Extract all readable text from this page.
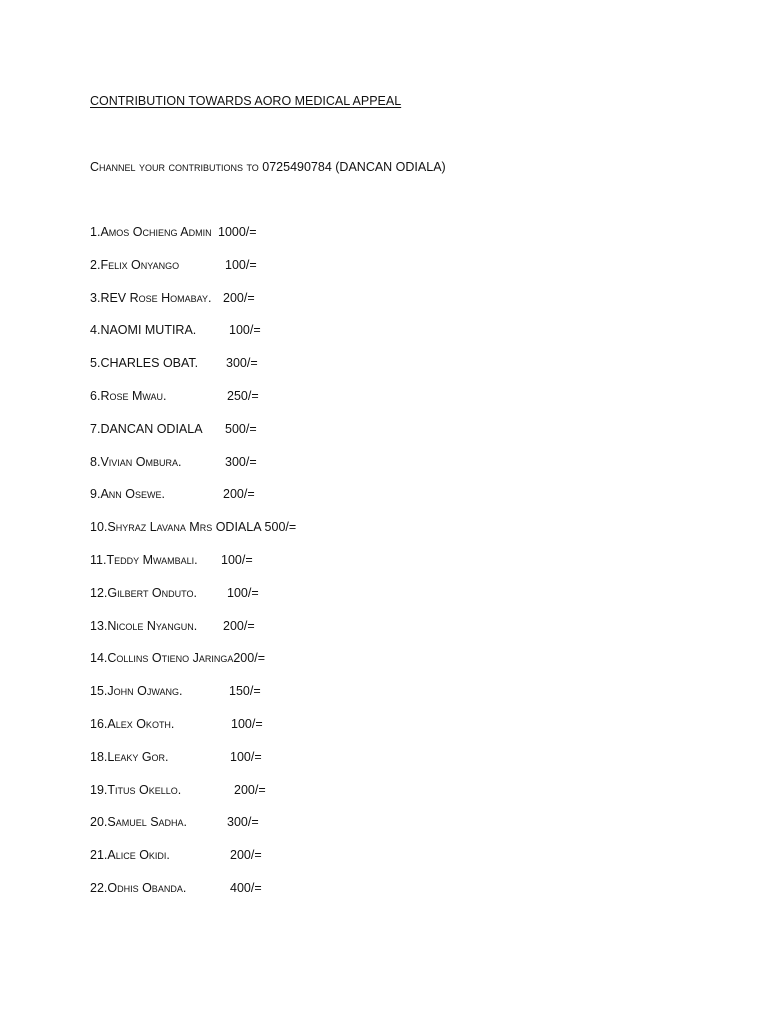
CONTRIBUTION TOWARDS AORO MEDICAL APPEAL
Channel your contributions to 0725490784 (DANCAN ODIALA)
1.Amos Ochieng Admin 1000/=
2.Felix Onyango	100/=
3.REV Rose Homabay. 200/=
4.NAOMI MUTIRA.	100/=
5.CHARLES OBAT. 300/=
6.Rose Mwau.	250/=
7.DANCAN ODIALA 500/=
8.Vivian Ombura.	300/=
9.Ann Osewe.	200/=
10.Shyraz Lavana Mrs ODIALA 500/=
11.Teddy Mwambali. 100/=
12.Gilbert Onduto. 100/=
13.Nicole Nyangun. 200/=
14.Collins Otieno Jaringa200/=
15.John Ojwang.	150/=
16.Alex Okoth.	100/=
18.Leaky Gor.	100/=
19.Titus Okello.	200/=
20.Samuel Sadha.	300/=
21.Alice Okidi.	200/=
22.Odhis Obanda.	400/=
